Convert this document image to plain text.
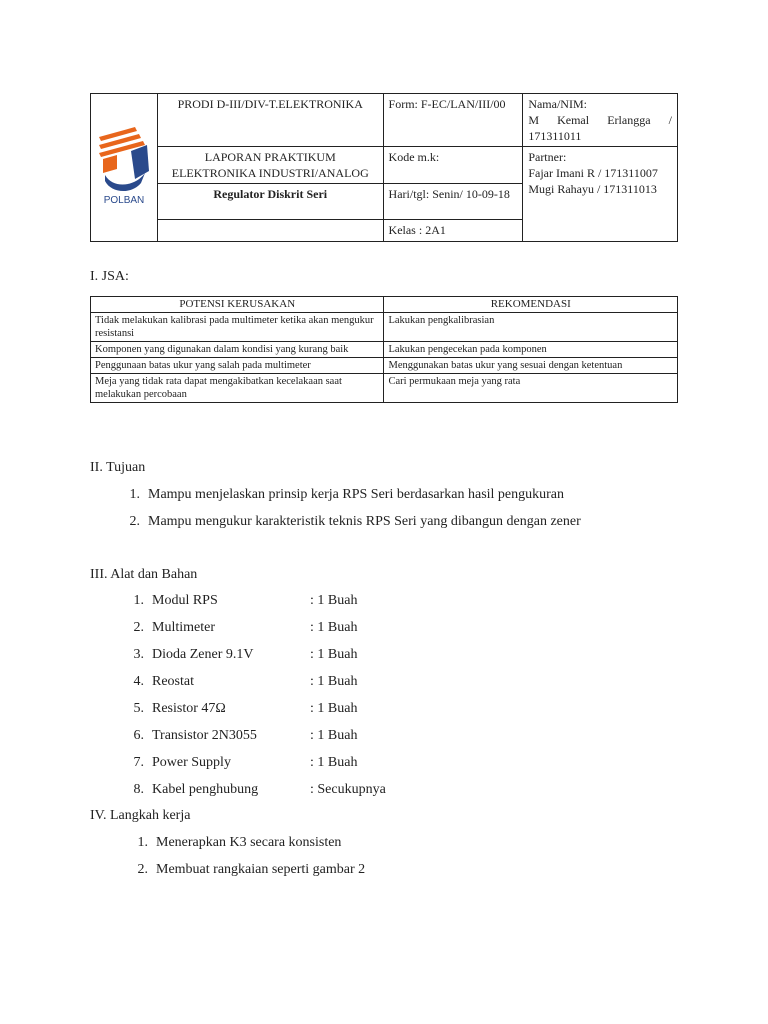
POLBAN	PRODI D-III/DIV-T.ELEKTRONIKA	Form: F-EC/LAN/III/00	Nama/NIM:
M Kemal Erlangga / 171311011

	LAPORAN PRAKTIKUM ELEKTRONIKA INDUSTRI/ANALOG	Kode m.k:	Partner:
Fajar Imani R / 171311007
Mugi Rahayu / 171311013

	Regulator Diskrit Seri	Hari/tgl: Senin/ 10-09-18	
		Kelas : 2A1	
I. JSA:
POTENSI KERUSAKAN	REKOMENDASI
Tidak melakukan kalibrasi pada multimeter ketika akan mengukur resistansi	Lakukan pengkalibrasian
Komponen yang digunakan dalam kondisi yang kurang baik	Lakukan pengecekan pada komponen
Penggunaan batas ukur yang salah pada multimeter	Menggunakan batas ukur yang sesuai dengan ketentuan
Meja yang tidak rata dapat mengakibatkan kecelakaan saat melakukan percobaan	Cari permukaan meja yang rata
II. Tujuan
1. Mampu menjelaskan prinsip kerja RPS Seri berdasarkan hasil pengukuran
2. Mampu mengukur karakteristik teknis RPS Seri yang dibangun dengan zener
III. Alat dan Bahan
1. Modul RPS	: 1 Buah
2. Multimeter	: 1 Buah
3. Dioda Zener 9.1V	: 1 Buah
4. Reostat	: 1 Buah
5. Resistor 47Ω	: 1 Buah
6. Transistor 2N3055	: 1 Buah
7. Power Supply	: 1 Buah
8. Kabel penghubung	: Secukupnya
IV. Langkah kerja
1. Menerapkan K3 secara konsisten
2. Membuat rangkaian seperti gambar 2
